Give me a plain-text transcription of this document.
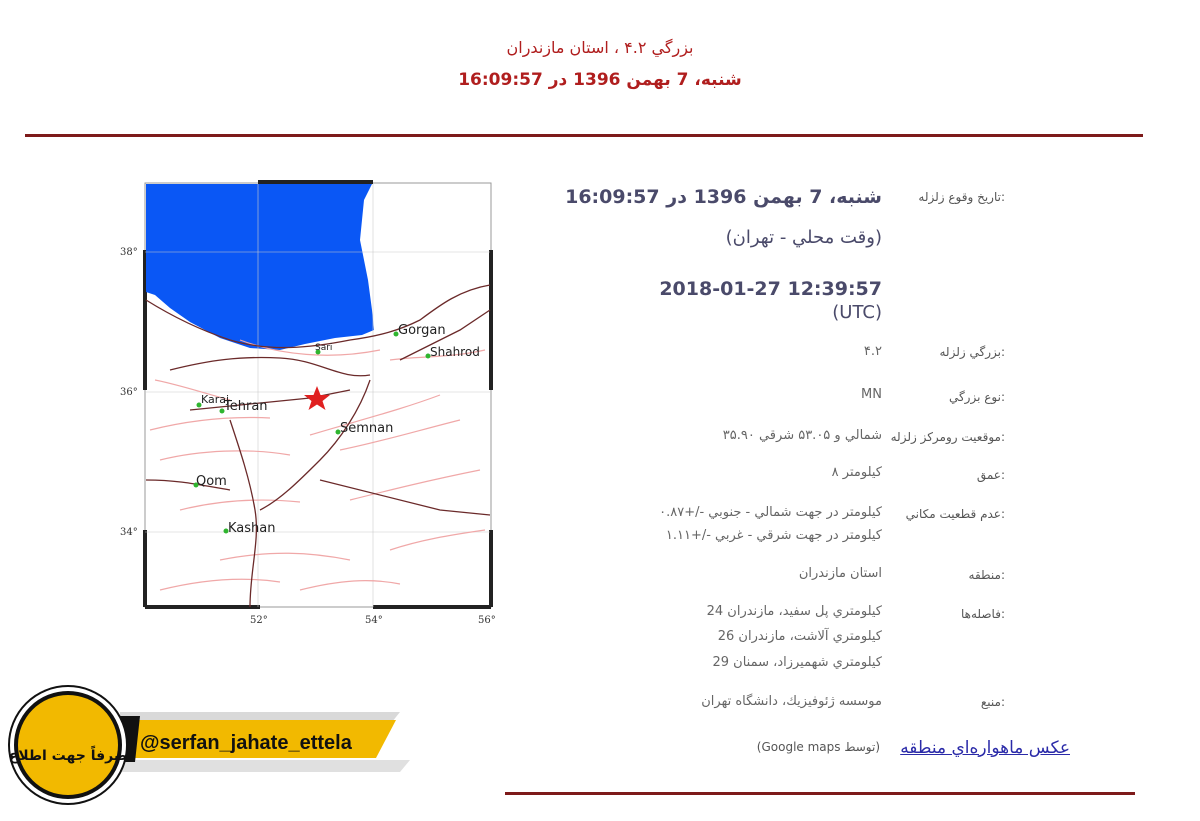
بزرگي ۴.۲ ، استان مازندران
شنبه، 7 بهمن 1396 در 16:09:57
Gorgan
Sari	Shahrod
Karaj
Tehran
Semnan
Qom
Kashan
38°
36°
34°
52°	54°	56°
تاريخ وقوع زلزله:
شنبه، 7 بهمن 1396 در 16:09:57
(وقت محلي - تهران)
2018-01-27 12:39:57
(UTC)
بزرگي زلزله:
۴.۲
نوع بزرگي:
MN
موقعيت رومركز زلزله:
۳۵.۹۰ شمالي و ۵۳.۰۵ شرقي
عمق:
۸ كيلومتر
عدم قطعيت مكاني:
۰.۸۷+/- كيلومتر در جهت شمالي - جنوبي
۱.۱۱+/- كيلومتر در جهت شرقي - غربي
منطقه:
استان مازندران
فاصله‌ها:
24 كيلومتري پل سفيد، مازندران
26 كيلومتري آلاشت، مازندران
29 كيلومتري شهميرزاد، سمنان
منبع:
موسسه ژئوفيزيك، دانشگاه تهران
عكس ماهواره‌اي منطقه
(توسط Google maps)
@serfan_jahate_ettela
صرفاً جهت اطلاع
